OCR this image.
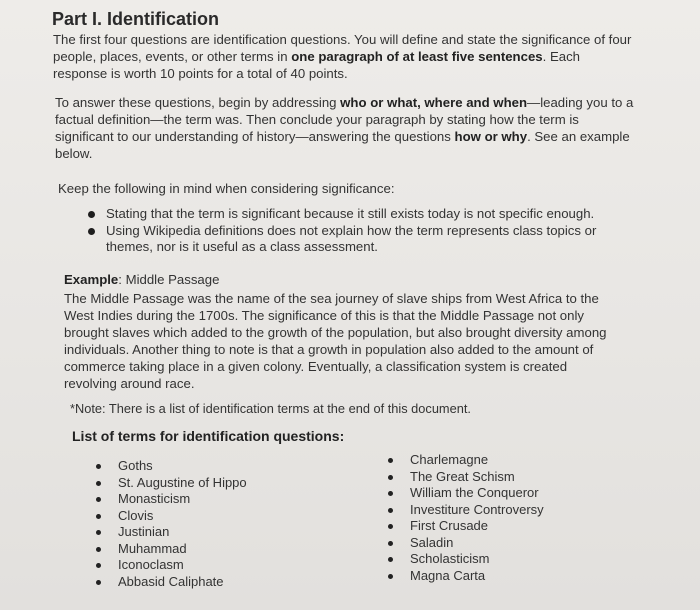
Part I. Identification
The first four questions are identification questions. You will define and state the significance of four people, places, events, or other terms in one paragraph of at least five sentences. Each response is worth 10 points for a total of 40 points.
To answer these questions, begin by addressing who or what, where and when—leading you to a factual definition—the term was. Then conclude your paragraph by stating how the term is significant to our understanding of history—answering the questions how or why. See an example below.
Keep the following in mind when considering significance:
Stating that the term is significant because it still exists today is not specific enough.
Using Wikipedia definitions does not explain how the term represents class topics or themes, nor is it useful as a class assessment.
Example: Middle Passage
The Middle Passage was the name of the sea journey of slave ships from West Africa to the West Indies during the 1700s. The significance of this is that the Middle Passage not only brought slaves which added to the growth of the population, but also brought diversity among individuals. Another thing to note is that a growth in population also added to the amount of commerce taking place in a given colony. Eventually, a classification system is created revolving around race.
*Note: There is a list of identification terms at the end of this document.
List of terms for identification questions:
Goths
St. Augustine of Hippo
Monasticism
Clovis
Justinian
Muhammad
Iconoclasm
Abbasid Caliphate
Charlemagne
The Great Schism
William the Conqueror
Investiture Controversy
First Crusade
Saladin
Scholasticism
Magna Carta
